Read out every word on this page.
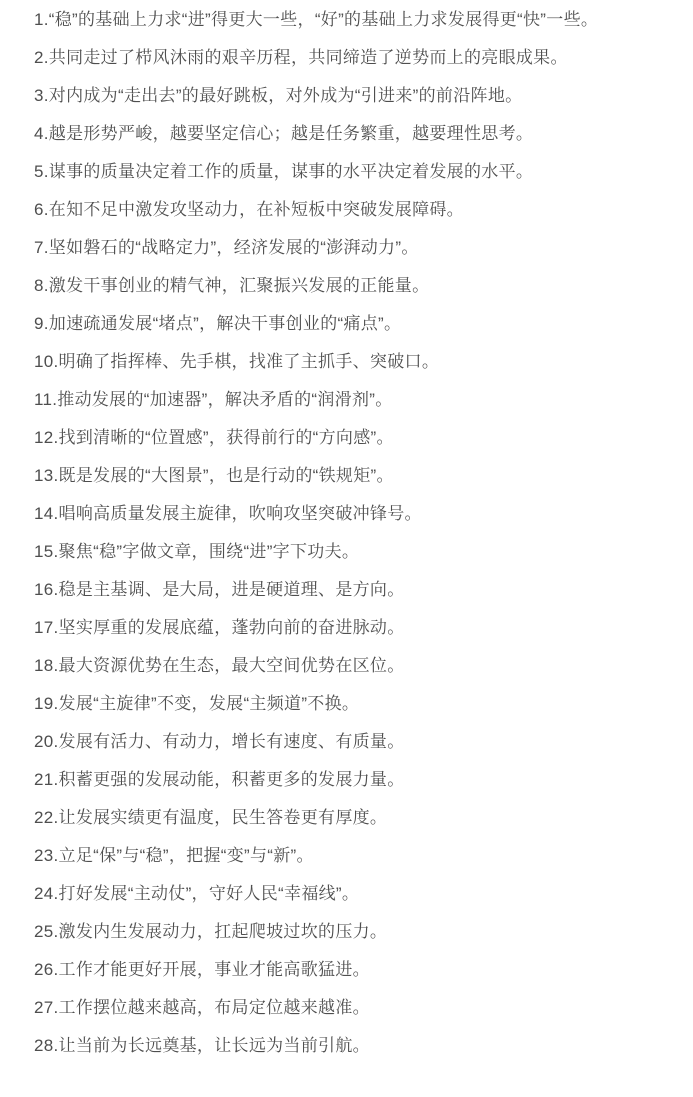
1.“稳”的基础上力求“进”得更大一些，“好”的基础上力求发展得更“快”一些。

2.共同走过了栉风沐雨的艰辛历程，共同缔造了逆势而上的亮眼成果。

3.对内成为“走出去”的最好跳板，对外成为“引进来”的前沿阵地。

4.越是形势严峻，越要坚定信心；越是任务繁重，越要理性思考。

5.谋事的质量决定着工作的质量，谋事的水平决定着发展的水平。

6.在知不足中激发攻坚动力，在补短板中突破发展障碍。

7.坚如磐石的“战略定力”，经济发展的“澎湃动力”。

8.激发干事创业的精气神，汇聚振兴发展的正能量。

9.加速疏通发展“堵点”，解决干事创业的“痛点”。

10.明确了指挥棒、先手棋，找准了主抓手、突破口。

11.推动发展的“加速器”，解决矛盾的“润滑剂”。

12.找到清晰的“位置感”，获得前行的“方向感”。

13.既是发展的“大图景”，也是行动的“铁规矩”。

14.唱响高质量发展主旋律，吹响攻坚突破冲锋号。

15.聚焦“稳”字做文章，围绕“进”字下功夫。

16.稳是主基调、是大局，进是硬道理、是方向。

17.坚实厚重的发展底蕴，蓬勃向前的奋进脉动。

18.最大资源优势在生态，最大空间优势在区位。

19.发展“主旋律”不变，发展“主频道”不换。

20.发展有活力、有动力，增长有速度、有质量。

21.积蓄更强的发展动能，积蓄更多的发展力量。

22.让发展实绩更有温度，民生答卷更有厚度。

23.立足“保”与“稳”，把握“变”与“新”。

24.打好发展“主动仗”，守好人民“幸福线”。

25.激发内生发展动力，扛起爬坡过坎的压力。

26.工作才能更好开展，事业才能高歌猛进。

27.工作摆位越来越高，布局定位越来越准。

28.让当前为长远奠基，让长远为当前引航。
